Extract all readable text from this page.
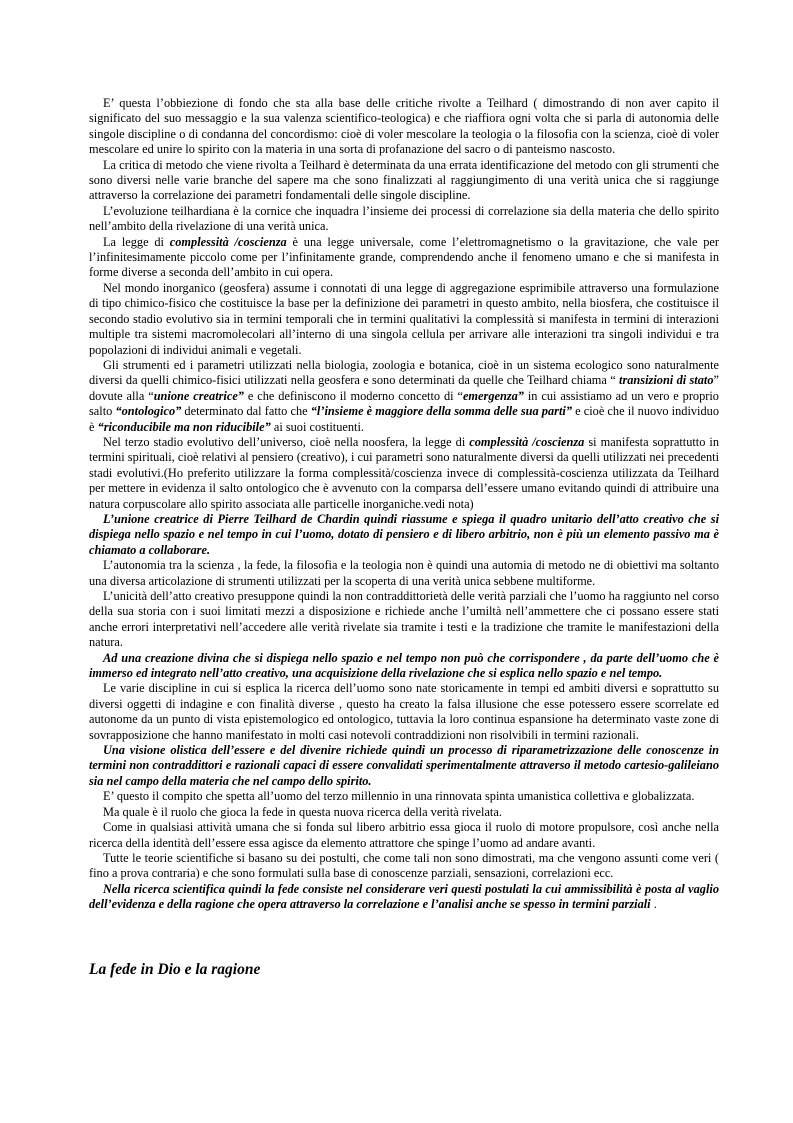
E’ questa l’obbiezione di fondo che sta alla base delle critiche rivolte a Teilhard ( dimostrando di non aver capito il significato del suo messaggio e la sua valenza scientifico-teologica) e che riaffiora ogni volta che si parla di autonomia delle singole discipline o di condanna del concordismo: cioè di voler mescolare la teologia o la filosofia con la scienza, cioè di voler mescolare ed unire lo spirito con la materia in una sorta di profanazione del sacro o di panteismo nascosto.

La critica di metodo che viene rivolta a Teilhard è determinata da una errata identificazione del metodo con gli strumenti che sono diversi nelle varie branche del sapere ma che sono finalizzati al raggiungimento di una verità unica che si raggiunge attraverso la correlazione dei parametri fondamentali delle singole discipline.

L’evoluzione teilhardiana è la cornice che inquadra l’insieme dei processi di correlazione sia della materia che dello spirito nell’ambito della rivelazione di una verità unica.

La legge di complessità /coscienza è una legge universale, come l’elettromagnetismo o la gravitazione, che vale per l’infinitesimamente piccolo come per l’infinitamente grande, comprendendo anche il fenomeno umano e che si manifesta in forme diverse a seconda dell’ambito in cui opera.

Nel mondo inorganico (geosfera) assume i connotati di una legge di aggregazione esprimibile attraverso una formulazione di tipo chimico-fisico che costituisce la base per la definizione dei parametri in questo ambito, nella biosfera, che costituisce il secondo stadio evolutivo sia in termini temporali che in termini qualitativi la complessità si manifesta in termini di interazioni multiple tra sistemi macromolecolari all’interno di una singola cellula per arrivare alle interazioni tra singoli individui e tra popolazioni di individui animali e vegetali.

Gli strumenti ed i parametri utilizzati nella biologia, zoologia e botanica, cioè in un sistema ecologico sono naturalmente diversi da quelli chimico-fisici utilizzati nella geosfera e sono determinati da quelle che Teilhard chiama “ transizioni di stato” dovute alla “unione creatrice” e che definiscono il moderno concetto di “emergenza” in cui assistiamo ad un vero e proprio salto “ontologico” determinato dal fatto che “l’insieme è maggiore della somma delle sua parti” e cioè che il nuovo individuo è “riconducibile ma non riducibile” ai suoi costituenti.

Nel terzo stadio evolutivo dell’universo, cioè nella noosfera, la legge di complessità /coscienza si manifesta soprattutto in termini spirituali, cioè relativi al pensiero (creativo), i cui parametri sono naturalmente diversi da quelli utilizzati nei precedenti stadi evolutivi.(Ho preferito utilizzare la forma complessità/coscienza invece di complessità-coscienza utilizzata da Teilhard per mettere in evidenza il salto ontologico che è avvenuto con la comparsa dell’essere umano evitando quindi di attribuire una natura corpuscolare allo spirito associata alle particelle inorganiche.vedi nota)

L’unione creatrice di Pierre Teilhard de Chardin quindi riassume e spiega il quadro unitario dell’atto creativo che si dispiega nello spazio e nel tempo in cui l’uomo, dotato di pensiero e di libero arbitrio, non è più un elemento passivo ma è chiamato a collaborare.

L’autonomia tra la scienza , la fede, la filosofia e la teologia non è quindi una automia di metodo ne di obiettivi ma soltanto una diversa articolazione di strumenti utilizzati per la scoperta di una verità unica sebbene multiforme.

L’unicità dell’atto creativo presuppone quindi la non contraddittorietà delle verità parziali che l’uomo ha raggiunto nel corso della sua storia con i suoi limitati mezzi a disposizione e richiede anche l’umiltà nell’ammettere che ci possano essere stati anche errori interpretativi nell’accedere alle verità rivelate sia tramite i testi e la tradizione che tramite le manifestazioni della natura.

Ad una creazione divina che si dispiega nello spazio e nel tempo non può che corrispondere , da parte dell’uomo che è immerso ed integrato nell’atto creativo, una acquisizione della rivelazione che si esplica nello spazio e nel tempo.

Le varie discipline in cui si esplica la ricerca dell’uomo sono nate storicamente in tempi ed ambiti diversi e soprattutto su diversi oggetti di indagine e con finalità diverse , questo ha creato la falsa illusione che esse potessero essere scorrelate ed autonome da un punto di vista epistemologico ed ontologico, tuttavia la loro continua espansione ha determinato vaste zone di sovrapposizione che hanno manifestato in molti casi notevoli contraddizioni non risolvibili in termini razionali.

Una visione olistica dell’essere e del divenire richiede quindi un processo di riparametrizzazione delle conoscenze in termini non contraddittori e razionali capaci di essere convalidati sperimentalmente attraverso il metodo cartesio-galileiano sia nel campo della materia che nel campo dello spirito.

E’ questo il compito che spetta all’uomo del terzo millennio in una rinnovata spinta umanistica collettiva e globalizzata.

Ma quale è il ruolo che gioca la fede in questa nuova ricerca della verità rivelata.

Come in qualsiasi attività umana che si fonda sul libero arbitrio essa gioca il ruolo di motore propulsore, così anche nella ricerca della identità dell’essere essa agisce da elemento attrattore che spinge l’uomo ad andare avanti.

Tutte le teorie scientifiche si basano su dei postulti, che come tali non sono dimostrati, ma che vengono assunti come veri ( fino a prova contraria) e che sono formulati sulla base di conoscenze parziali, sensazioni, correlazioni ecc.

Nella ricerca scientifica quindi la fede consiste nel considerare veri questi postulati la cui ammissibilità è posta al vaglio dell’evidenza e della ragione che opera attraverso la correlazione e l’analisi anche se spesso in termini parziali .

La fede in Dio e la ragione
